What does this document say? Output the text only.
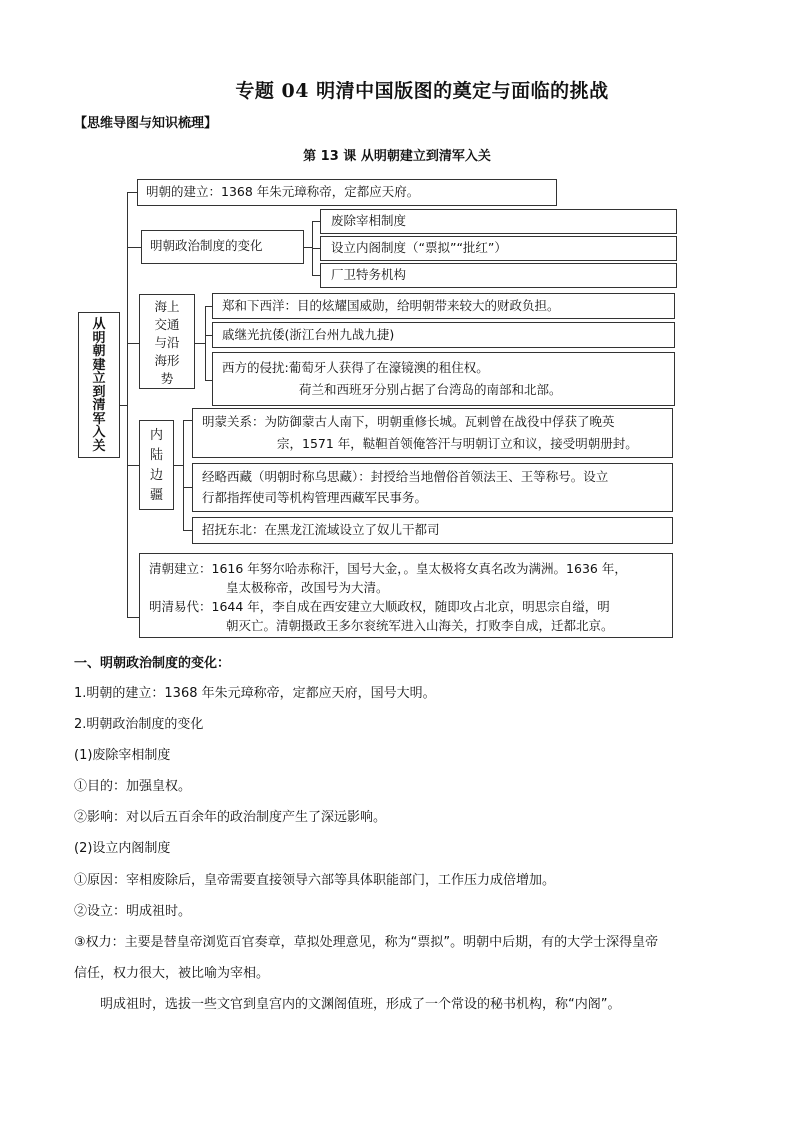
专题 04 明清中国版图的奠定与面临的挑战
【思维导图与知识梳理】
第 13 课 从明朝建立到清军入关
从
明
朝
建
立
到
清
军
入
关
明朝的建立：1368 年朱元璋称帝，定都应天府。
明朝政治制度的变化
废除宰相制度
设立内阁制度（“票拟”“批红”）
厂卫特务机构
海上
交通
与沿
海形
势
郑和下西洋：目的炫耀国威勋，给明朝带来较大的财政负担。
戚继光抗倭(浙江台州九战九捷)
西方的侵扰:葡萄牙人获得了在濠镜澳的租住权。
荷兰和西班牙分别占据了台湾岛的南部和北部。
内
陆
边
疆
明蒙关系：为防御蒙古人南下，明朝重修长城。瓦剌曾在战役中俘获了晚英
宗，1571 年，鞑靼首领俺答汗与明朝订立和议，接受明朝册封。
经略西藏（明朝时称乌思藏）：封授给当地僧俗首领法王、王等称号。设立
行都指挥使司等机构管理西藏军民事务。
招抚东北：在黑龙江流域设立了奴儿干都司
清朝建立：1616 年努尔哈赤称汗，国号大金，。皇太极将女真名改为满洲。1636 年，
皇太极称帝，改国号为大清。
明清易代：1644 年，李自成在西安建立大顺政权，随即攻占北京，明思宗自缢，明
朝灭亡。清朝摄政王多尔衮统军进入山海关，打败李自成，迁都北京。
一、明朝政治制度的变化：
1.明朝的建立：1368 年朱元璋称帝，定都应天府，国号大明。
2.明朝政治制度的变化
(1)废除宰相制度
①目的：加强皇权。
②影响：对以后五百余年的政治制度产生了深远影响。
(2)设立内阁制度
①原因：宰相废除后，皇帝需要直接领导六部等具体职能部门，工作压力成倍增加。
②设立：明成祖时。
③权力：主要是替皇帝浏览百官奏章，草拟处理意见，称为“票拟”。明朝中后期，有的大学士深得皇帝
信任，权力很大，被比喻为宰相。
明成祖时，选拔一些文官到皇宫内的文渊阁值班，形成了一个常设的秘书机构，称“内阁”。
